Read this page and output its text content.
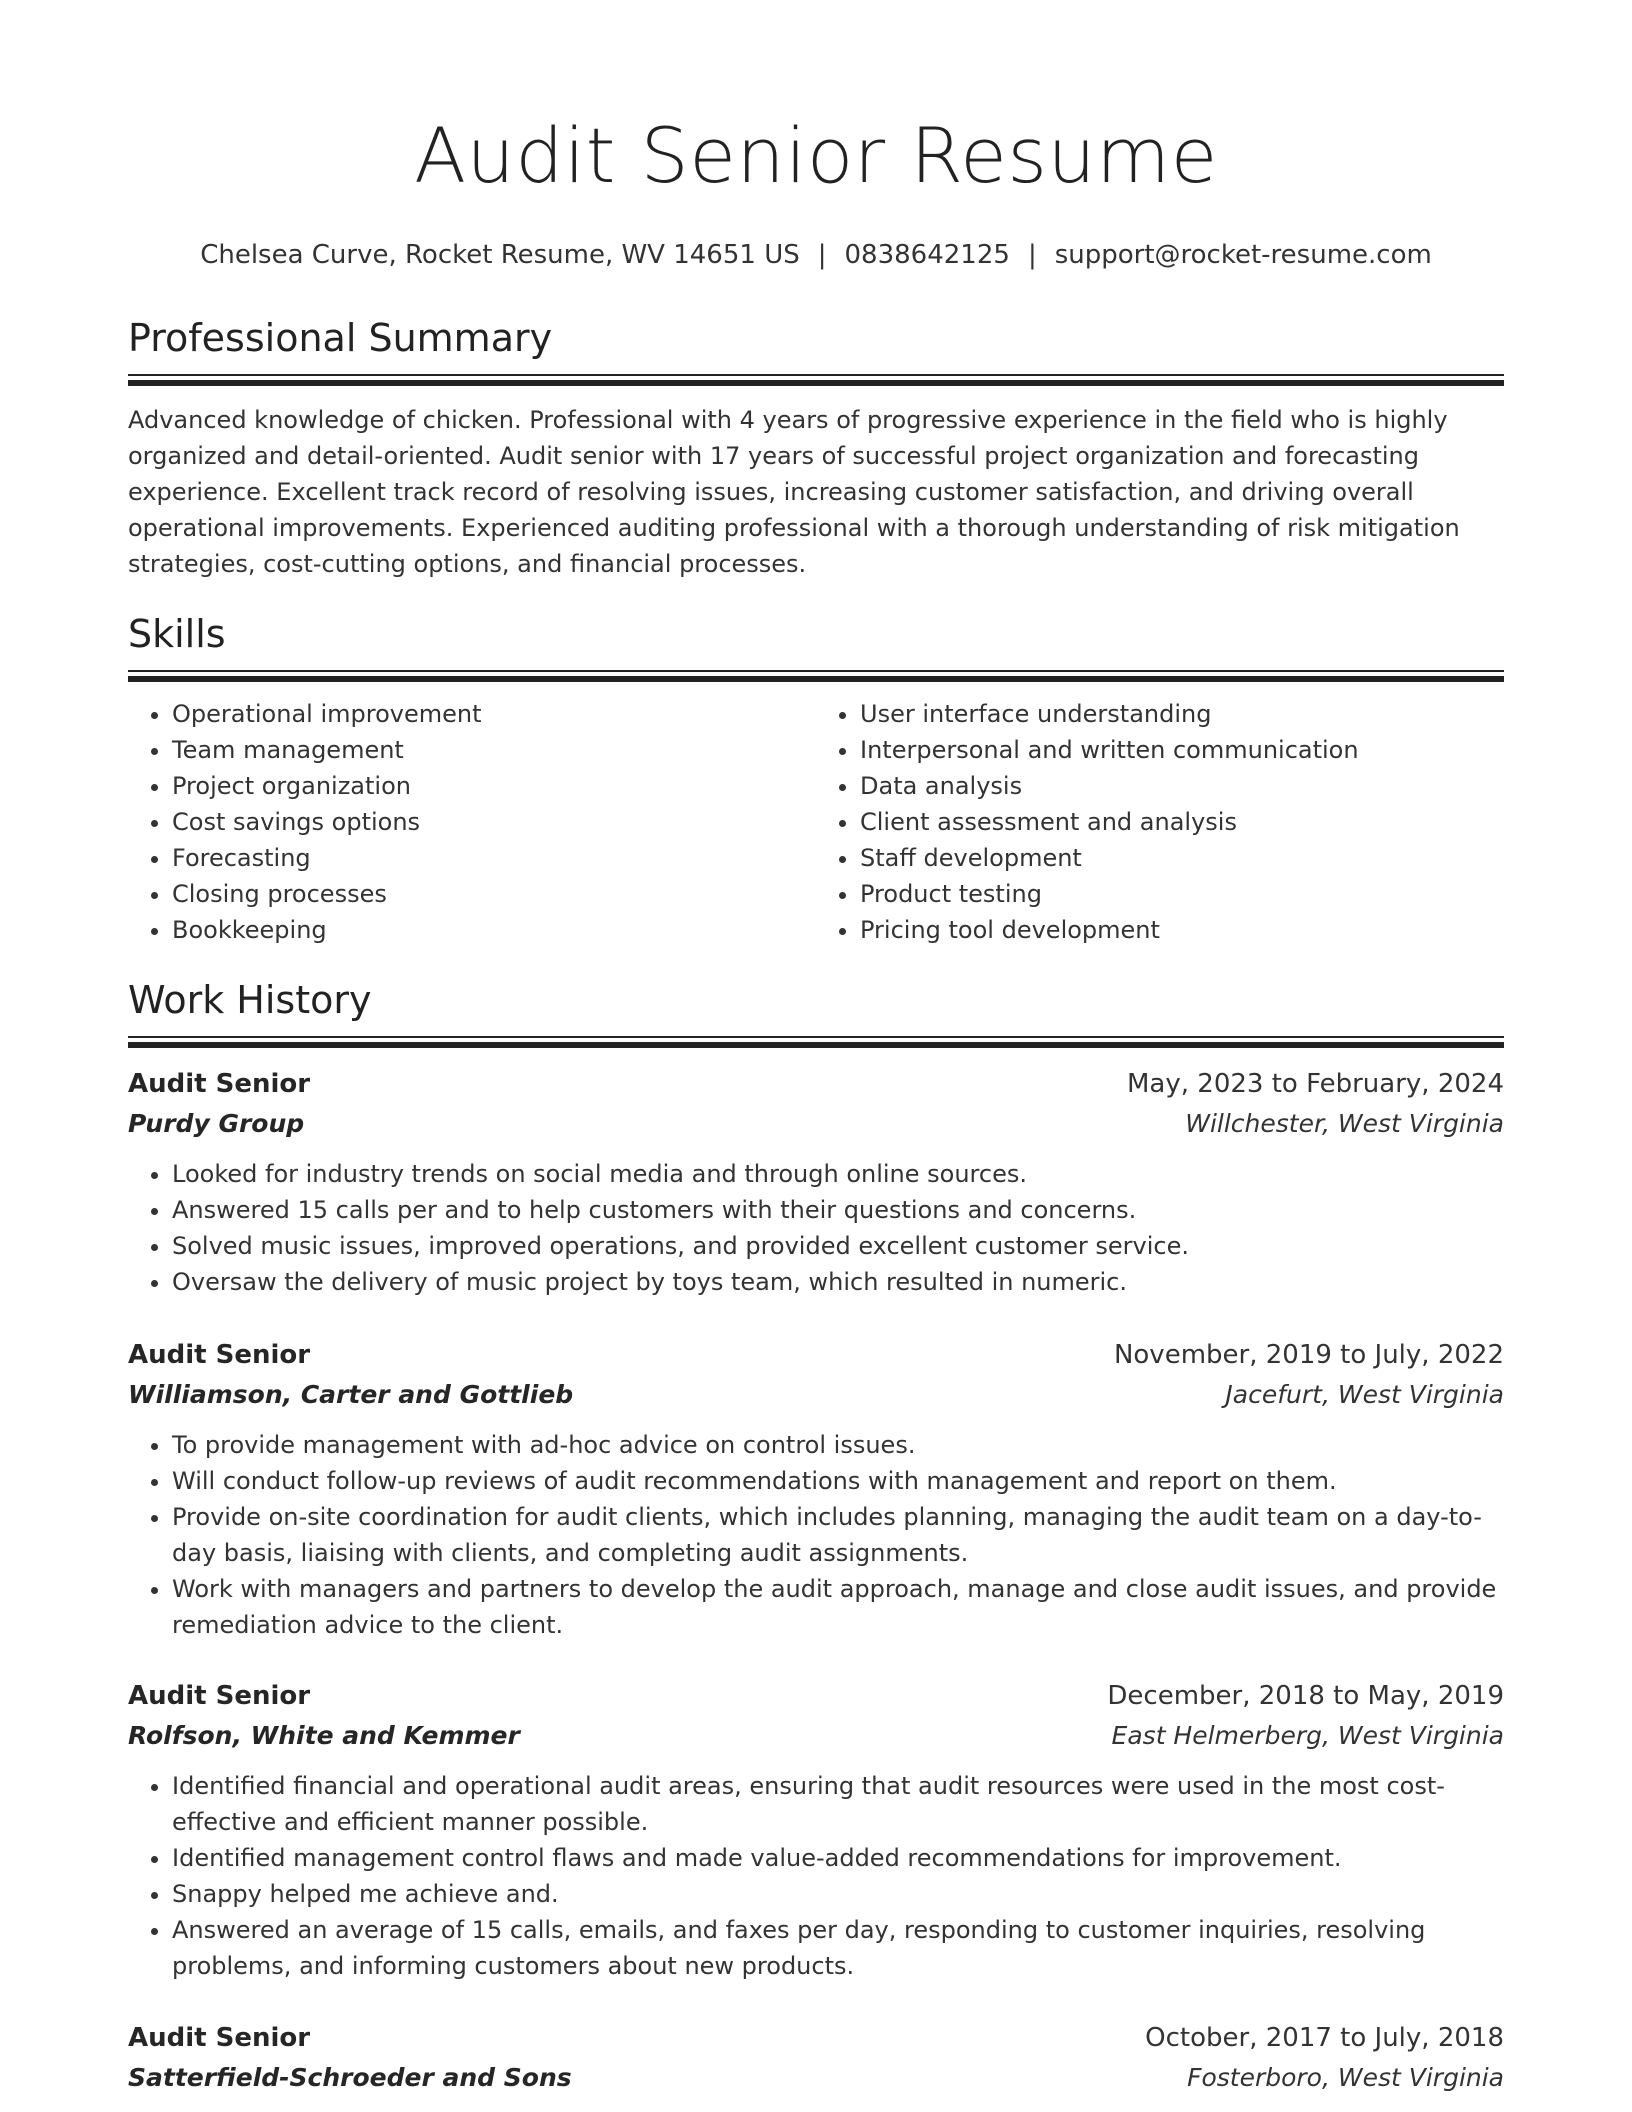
Audit Senior Resume
Chelsea Curve, Rocket Resume, WV 14651 US | 0838642125 | support@rocket-resume.com
Professional Summary

Advanced knowledge of chicken. Professional with 4 years of progressive experience in the field who is highly organized and detail-oriented. Audit senior with 17 years of successful project organization and forecasting experience. Excellent track record of resolving issues, increasing customer satisfaction, and driving overall operational improvements. Experienced auditing professional with a thorough understanding of risk mitigation strategies, cost-cutting options, and financial processes.

Skills
• Operational improvement
• Team management
• Project organization
• Cost savings options
• Forecasting
• Closing processes
• Bookkeeping
• User interface understanding
• Interpersonal and written communication
• Data analysis
• Client assessment and analysis
• Staff development
• Product testing
• Pricing tool development
Work History
Audit Senior	May, 2023 to February, 2024
Purdy Group	Willchester, West Virginia
• Looked for industry trends on social media and through online sources.
• Answered 15 calls per and to help customers with their questions and concerns.
• Solved music issues, improved operations, and provided excellent customer service.
• Oversaw the delivery of music project by toys team, which resulted in numeric.
Audit Senior	November, 2019 to July, 2022
Williamson, Carter and Gottlieb	Jacefurt, West Virginia
• To provide management with ad-hoc advice on control issues.
• Will conduct follow-up reviews of audit recommendations with management and report on them.
• Provide on-site coordination for audit clients, which includes planning, managing the audit team on a day-to-day basis, liaising with clients, and completing audit assignments.
• Work with managers and partners to develop the audit approach, manage and close audit issues, and provide remediation advice to the client.
Audit Senior	December, 2018 to May, 2019
Rolfson, White and Kemmer	East Helmerberg, West Virginia
• Identified financial and operational audit areas, ensuring that audit resources were used in the most cost-effective and efficient manner possible.
• Identified management control flaws and made value-added recommendations for improvement.
• Snappy helped me achieve and.
• Answered an average of 15 calls, emails, and faxes per day, responding to customer inquiries, resolving problems, and informing customers about new products.
Audit Senior	October, 2017 to July, 2018
Satterfield-Schroeder and Sons	Fosterboro, West Virginia
